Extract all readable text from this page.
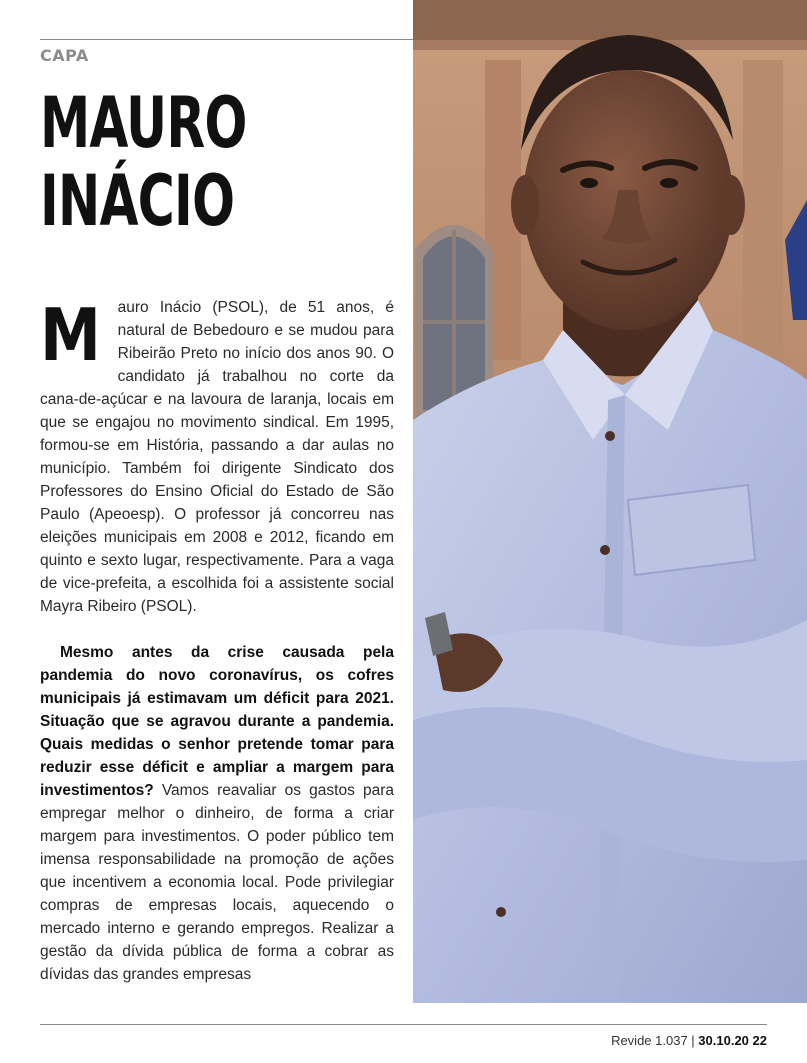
CAPA
MAURO
INÁCIO

M auro Inácio (PSOL), de 51 anos, é natural de Bebedouro e se mudou para Ribeirão Preto no início dos anos 90. O candidato já trabalhou no corte da cana-de-açúcar e na lavoura de laranja, locais em que se engajou no movimento sindical. Em 1995, formou-se em História, passando a dar aulas no município. Também foi dirigente Sindicato dos Professores do Ensino Oficial do Estado de São Paulo (Apeoesp). O professor já concorreu nas eleições municipais em 2008 e 2012, ficando em quinto e sexto lugar, respectivamente. Para a vaga de vice-prefeita, a escolhida foi a assistente social Mayra Ribeiro (PSOL).

Mesmo antes da crise causada pela pandemia do novo coronavírus, os cofres municipais já estimavam um déficit para 2021. Situação que se agravou durante a pandemia. Quais medidas o senhor pretende tomar para reduzir esse déficit e ampliar a margem para investimentos? Vamos reavaliar os gastos para empregar melhor o dinheiro, de forma a criar margem para investimentos. O poder público tem imensa responsabilidade na promoção de ações que incentivem a economia local. Pode privilegiar compras de empresas locais, aquecendo o mercado interno e gerando empregos. Realizar a gestão da dívida pública de forma a cobrar as dívidas das grandes empresas

Revide 1.037 | 30.10.20 22
